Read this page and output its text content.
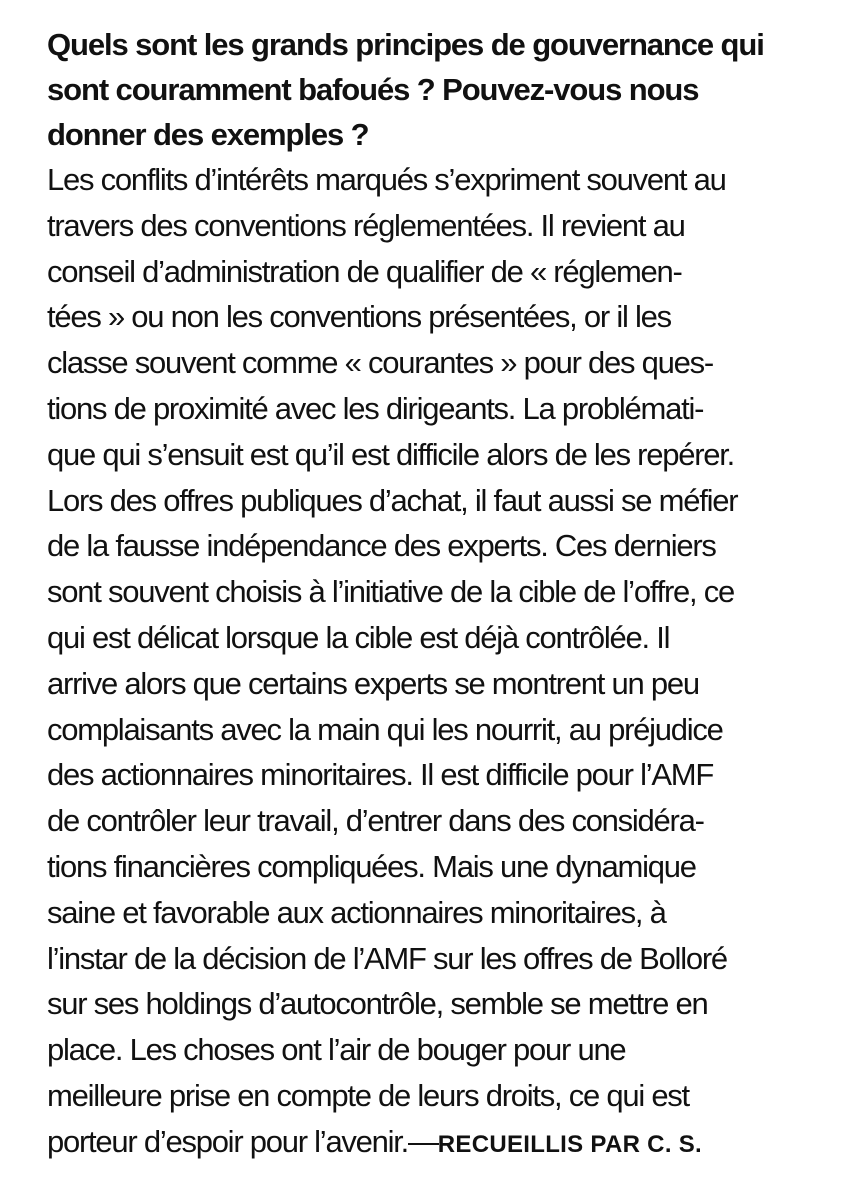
Quels sont les grands principes de gouvernance qui
sont couramment bafoués ? Pouvez-vous nous
donner des exemples ?
Les conflits d’intérêts marqués s’expriment souvent au
travers des conventions réglementées. Il revient au
conseil d’administration de qualifier de « réglemen-
tées » ou non les conventions présentées, or il les
classe souvent comme « courantes » pour des ques-
tions de proximité avec les dirigeants. La problémati-
que qui s’ensuit est qu’il est difficile alors de les repérer.
Lors des offres publiques d’achat, il faut aussi se méfier
de la fausse indépendance des experts. Ces derniers
sont souvent choisis à l’initiative de la cible de l’offre, ce
qui est délicat lorsque la cible est déjà contrôlée. Il
arrive alors que certains experts se montrent un peu
complaisants avec la main qui les nourrit, au préjudice
des actionnaires minoritaires. Il est difficile pour l’AMF
de contrôler leur travail, d’entrer dans des considéra-
tions financières compliquées. Mais une dynamique
saine et favorable aux actionnaires minoritaires, à
l’instar de la décision de l’AMF sur les offres de Bolloré
sur ses holdings d’autocontrôle, semble se mettre en
place. Les choses ont l’air de bouger pour une
meilleure prise en compte de leurs droits, ce qui est
porteur d’espoir pour l’avenir.—RECUEILLIS PAR C. S.
